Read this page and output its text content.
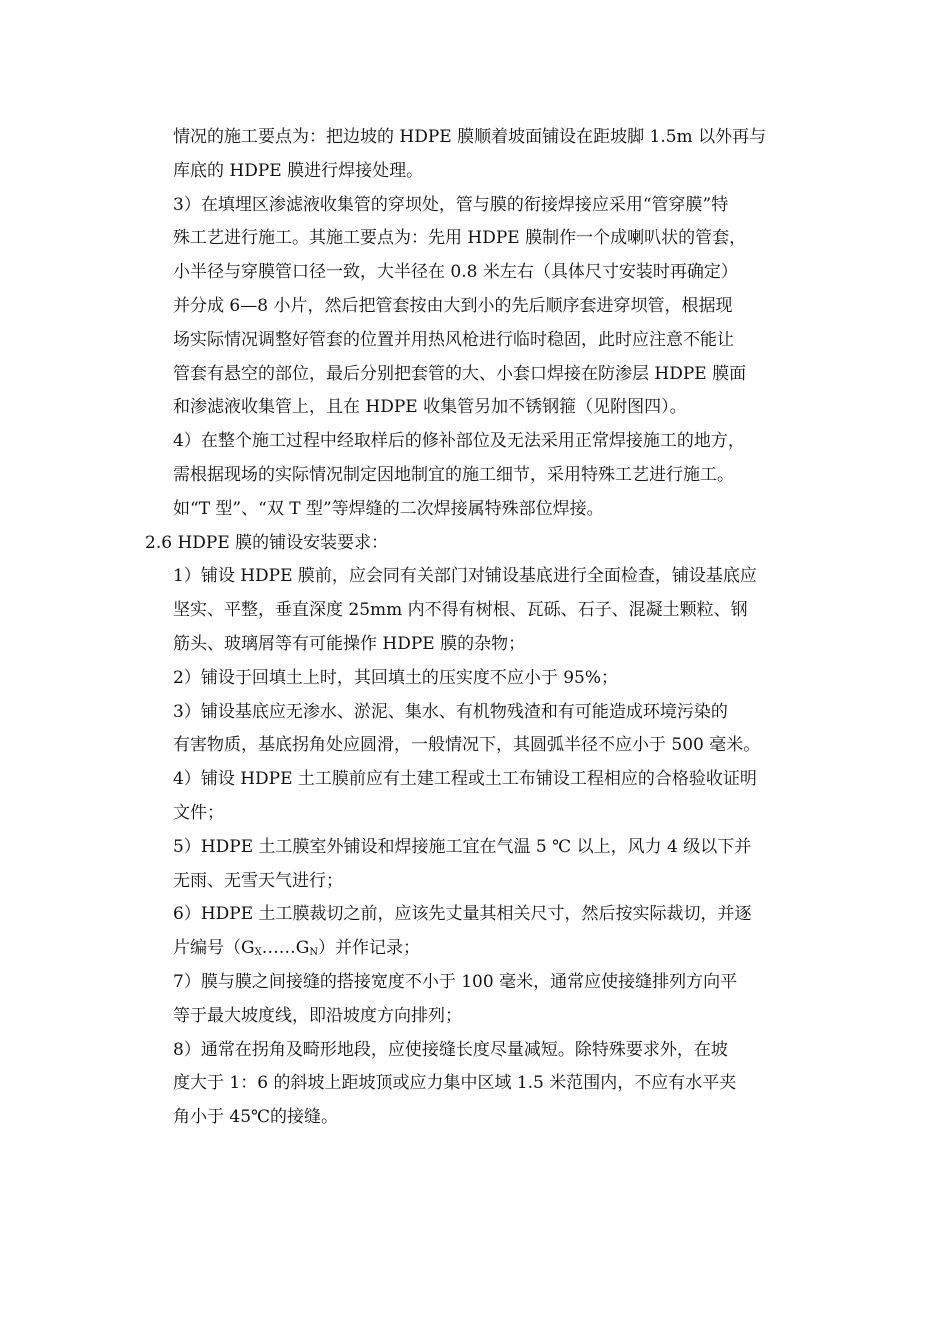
情况的施工要点为：把边坡的 HDPE 膜顺着坡面铺设在距坡脚 1.5m 以外再与
库底的 HDPE 膜进行焊接处理。
3）在填埋区渗滤液收集管的穿坝处，管与膜的衔接焊接应采用“管穿膜”特
殊工艺进行施工。其施工要点为：先用 HDPE 膜制作一个成喇叭状的管套，
小半径与穿膜管口径一致，大半径在 0.8 米左右（具体尺寸安装时再确定）
并分成 6—8 小片，然后把管套按由大到小的先后顺序套进穿坝管，根据现
场实际情况调整好管套的位置并用热风枪进行临时稳固，此时应注意不能让
管套有悬空的部位，最后分别把套管的大、小套口焊接在防渗层 HDPE 膜面
和渗滤液收集管上，且在 HDPE 收集管另加不锈钢箍（见附图四）。
4）在整个施工过程中经取样后的修补部位及无法采用正常焊接施工的地方，
需根据现场的实际情况制定因地制宜的施工细节，采用特殊工艺进行施工。
如“T 型”、“双 T 型”等焊缝的二次焊接属特殊部位焊接。
2.6 HDPE 膜的铺设安装要求：
1）铺设 HDPE 膜前，应会同有关部门对铺设基底进行全面检查，铺设基底应
坚实、平整，垂直深度 25mm 内不得有树根、瓦砾、石子、混凝土颗粒、钢
筋头、玻璃屑等有可能操作 HDPE 膜的杂物；
2）铺设于回填土上时，其回填土的压实度不应小于 95%；
3）铺设基底应无渗水、淤泥、集水、有机物残渣和有可能造成环境污染的
有害物质，基底拐角处应圆滑，一般情况下，其圆弧半径不应小于 500 毫米。
4）铺设 HDPE 土工膜前应有土建工程或土工布铺设工程相应的合格验收证明
文件；
5）HDPE 土工膜室外铺设和焊接施工宜在气温 5 ℃ 以上，风力 4 级以下并
无雨、无雪天气进行；
6）HDPE 土工膜裁切之前，应该先丈量其相关尺寸，然后按实际裁切，并逐
片编号$(G_X\dots\dots G_N)$并作记录；
7）膜与膜之间接缝的搭接宽度不小于 100 毫米，通常应使接缝排列方向平
等于最大坡度线，即沿坡度方向排列；
8）通常在拐角及畸形地段，应使接缝长度尽量减短。除特殊要求外，在坡
度大于 1：6 的斜坡上距坡顶或应力集中区域 1.5 米范围内，不应有水平夹
角小于 45℃的接缝。
